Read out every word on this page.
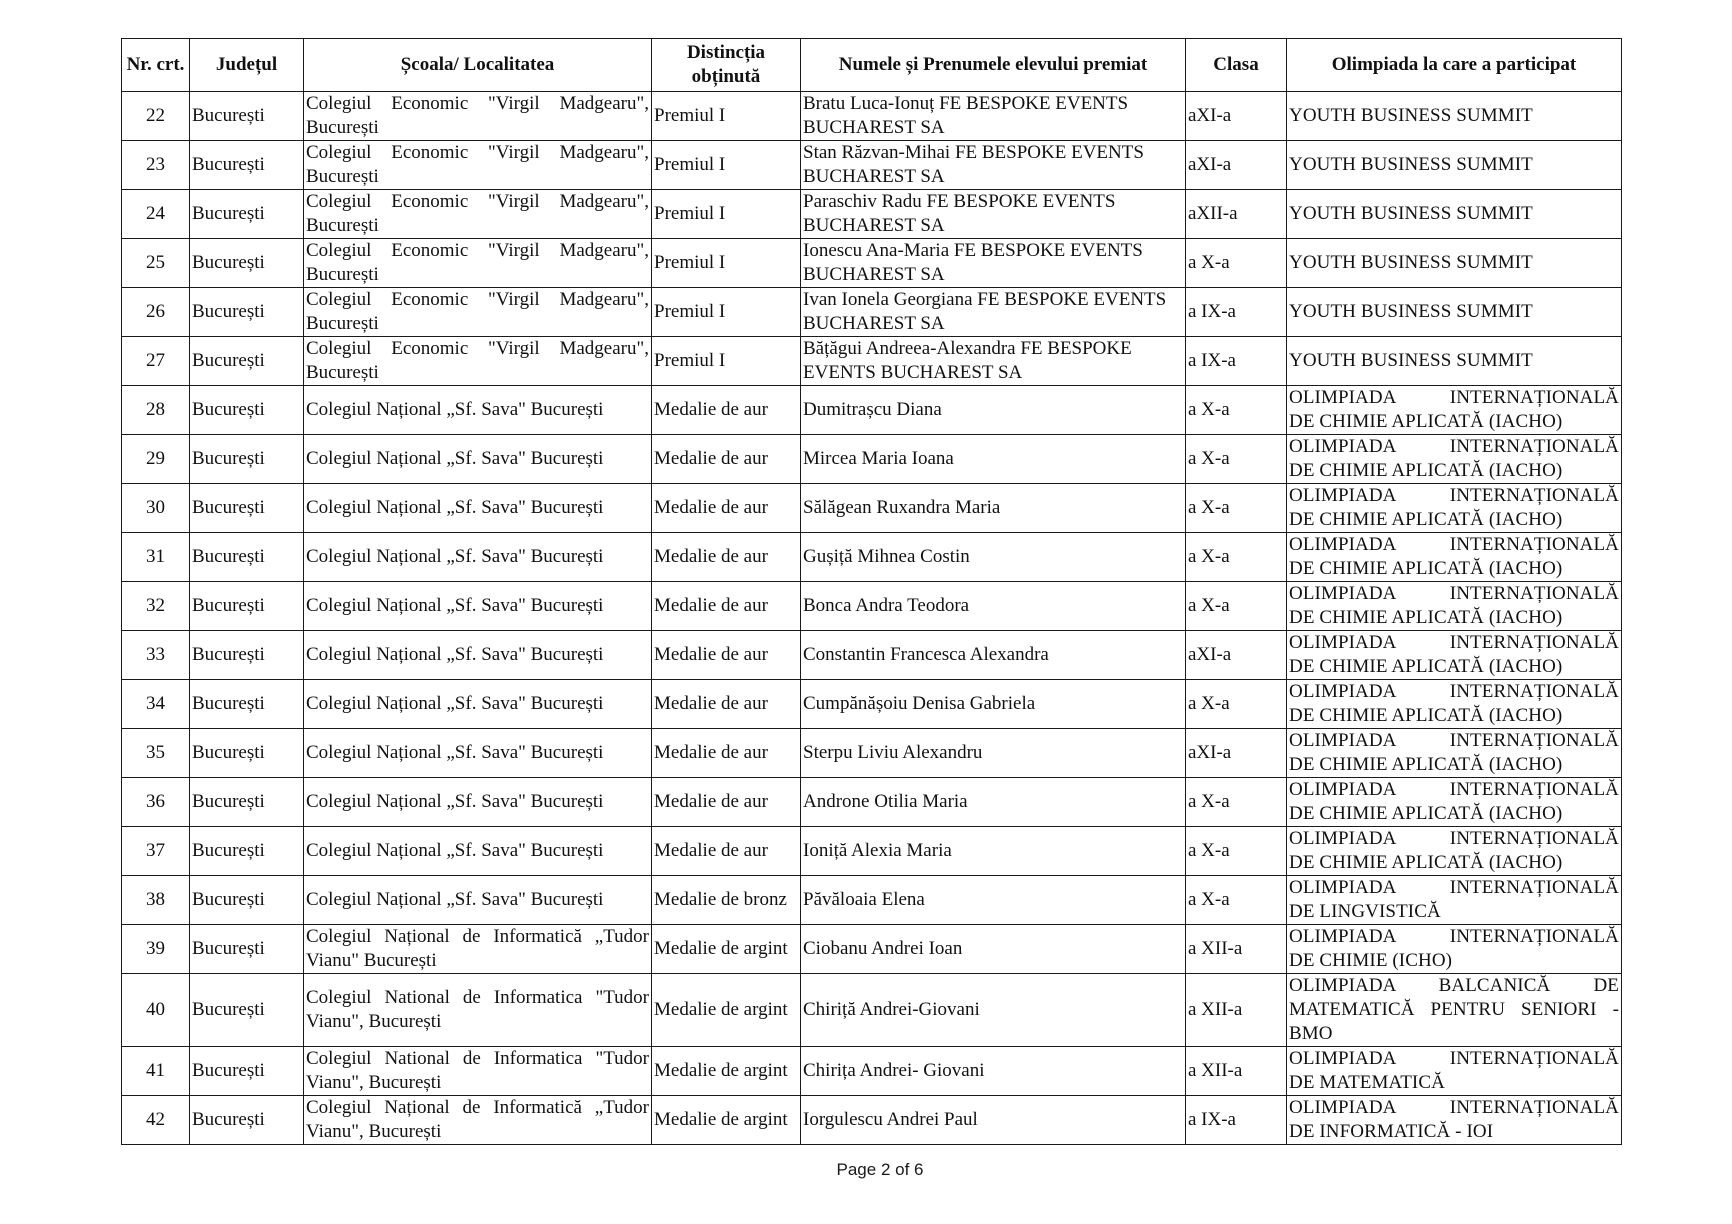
Nr. crt.	Județul	Școala/ Localitatea	Distincția obținută	Numele și Prenumele elevului premiat	Clasa	Olimpiada la care a participat
22	București	Colegiul Economic "Virgil Madgearu", București	Premiul I	Bratu Luca-Ionuț FE BESPOKE EVENTS BUCHAREST SA	aXI-a	YOUTH BUSINESS SUMMIT
23	București	Colegiul Economic "Virgil Madgearu", București	Premiul I	Stan Răzvan-Mihai FE BESPOKE EVENTS BUCHAREST SA	aXI-a	YOUTH BUSINESS SUMMIT
24	București	Colegiul Economic "Virgil Madgearu", București	Premiul I	Paraschiv Radu FE BESPOKE EVENTS BUCHAREST SA	aXII-a	YOUTH BUSINESS SUMMIT
25	București	Colegiul Economic "Virgil Madgearu", București	Premiul I	Ionescu Ana-Maria FE BESPOKE EVENTS BUCHAREST SA	a X-a	YOUTH BUSINESS SUMMIT
26	București	Colegiul Economic "Virgil Madgearu", București	Premiul I	Ivan Ionela Georgiana FE BESPOKE EVENTS BUCHAREST SA	a IX-a	YOUTH BUSINESS SUMMIT
27	București	Colegiul Economic "Virgil Madgearu", București	Premiul I	Bățăgui Andreea-Alexandra FE BESPOKE EVENTS BUCHAREST SA	a IX-a	YOUTH BUSINESS SUMMIT
28	București	Colegiul Național „Sf. Sava" București	Medalie de aur	Dumitrașcu Diana	a X-a	OLIMPIADA INTERNAȚIONALĂ
DE CHIMIE APLICATĂ (IACHO)

29	București	Colegiul Național „Sf. Sava" București	Medalie de aur	Mircea Maria Ioana	a X-a	OLIMPIADA INTERNAȚIONALĂ
DE CHIMIE APLICATĂ (IACHO)

30	București	Colegiul Național „Sf. Sava" București	Medalie de aur	Sălăgean Ruxandra Maria	a X-a	OLIMPIADA INTERNAȚIONALĂ
DE CHIMIE APLICATĂ (IACHO)

31	București	Colegiul Național „Sf. Sava" București	Medalie de aur	Gușiță Mihnea Costin	a X-a	OLIMPIADA INTERNAȚIONALĂ
DE CHIMIE APLICATĂ (IACHO)

32	București	Colegiul Național „Sf. Sava" București	Medalie de aur	Bonca Andra Teodora	a X-a	OLIMPIADA INTERNAȚIONALĂ
DE CHIMIE APLICATĂ (IACHO)

33	București	Colegiul Național „Sf. Sava" București	Medalie de aur	Constantin Francesca Alexandra	aXI-a	OLIMPIADA INTERNAȚIONALĂ
DE CHIMIE APLICATĂ (IACHO)

34	București	Colegiul Național „Sf. Sava" București	Medalie de aur	Cumpănășoiu Denisa Gabriela	a X-a	OLIMPIADA INTERNAȚIONALĂ
DE CHIMIE APLICATĂ (IACHO)

35	București	Colegiul Național „Sf. Sava" București	Medalie de aur	Sterpu Liviu Alexandru	aXI-a	OLIMPIADA INTERNAȚIONALĂ
DE CHIMIE APLICATĂ (IACHO)

36	București	Colegiul Național „Sf. Sava" București	Medalie de aur	Androne Otilia Maria	a X-a	OLIMPIADA INTERNAȚIONALĂ
DE CHIMIE APLICATĂ (IACHO)

37	București	Colegiul Național „Sf. Sava" București	Medalie de aur	Ioniță Alexia Maria	a X-a	OLIMPIADA INTERNAȚIONALĂ
DE CHIMIE APLICATĂ (IACHO)

38	București	Colegiul Național „Sf. Sava" București	Medalie de bronz	Păvăloaia Elena	a X-a	OLIMPIADA INTERNAȚIONALĂ
DE LINGVISTICĂ

39	București	Colegiul Național de Informatică „Tudor Vianu" București	Medalie de argint	Ciobanu Andrei Ioan	a XII-a	OLIMPIADA INTERNAȚIONALĂ
DE CHIMIE (ICHO)

40	București	Colegiul National de Informatica "Tudor Vianu", București	Medalie de argint	Chiriță Andrei-Giovani	a XII-a	OLIMPIADA BALCANICĂ DE MATEMATICĂ PENTRU SENIORI - BMO
41	București	Colegiul National de Informatica "Tudor Vianu", București	Medalie de argint	Chirița Andrei- Giovani	a XII-a	OLIMPIADA INTERNAȚIONALĂ
DE MATEMATICĂ

42	București	Colegiul Național de Informatică „Tudor Vianu", București	Medalie de argint	Iorgulescu Andrei Paul	a IX-a	OLIMPIADA INTERNAȚIONALĂ
DE INFORMATICĂ - IOI
Page 2 of 6
